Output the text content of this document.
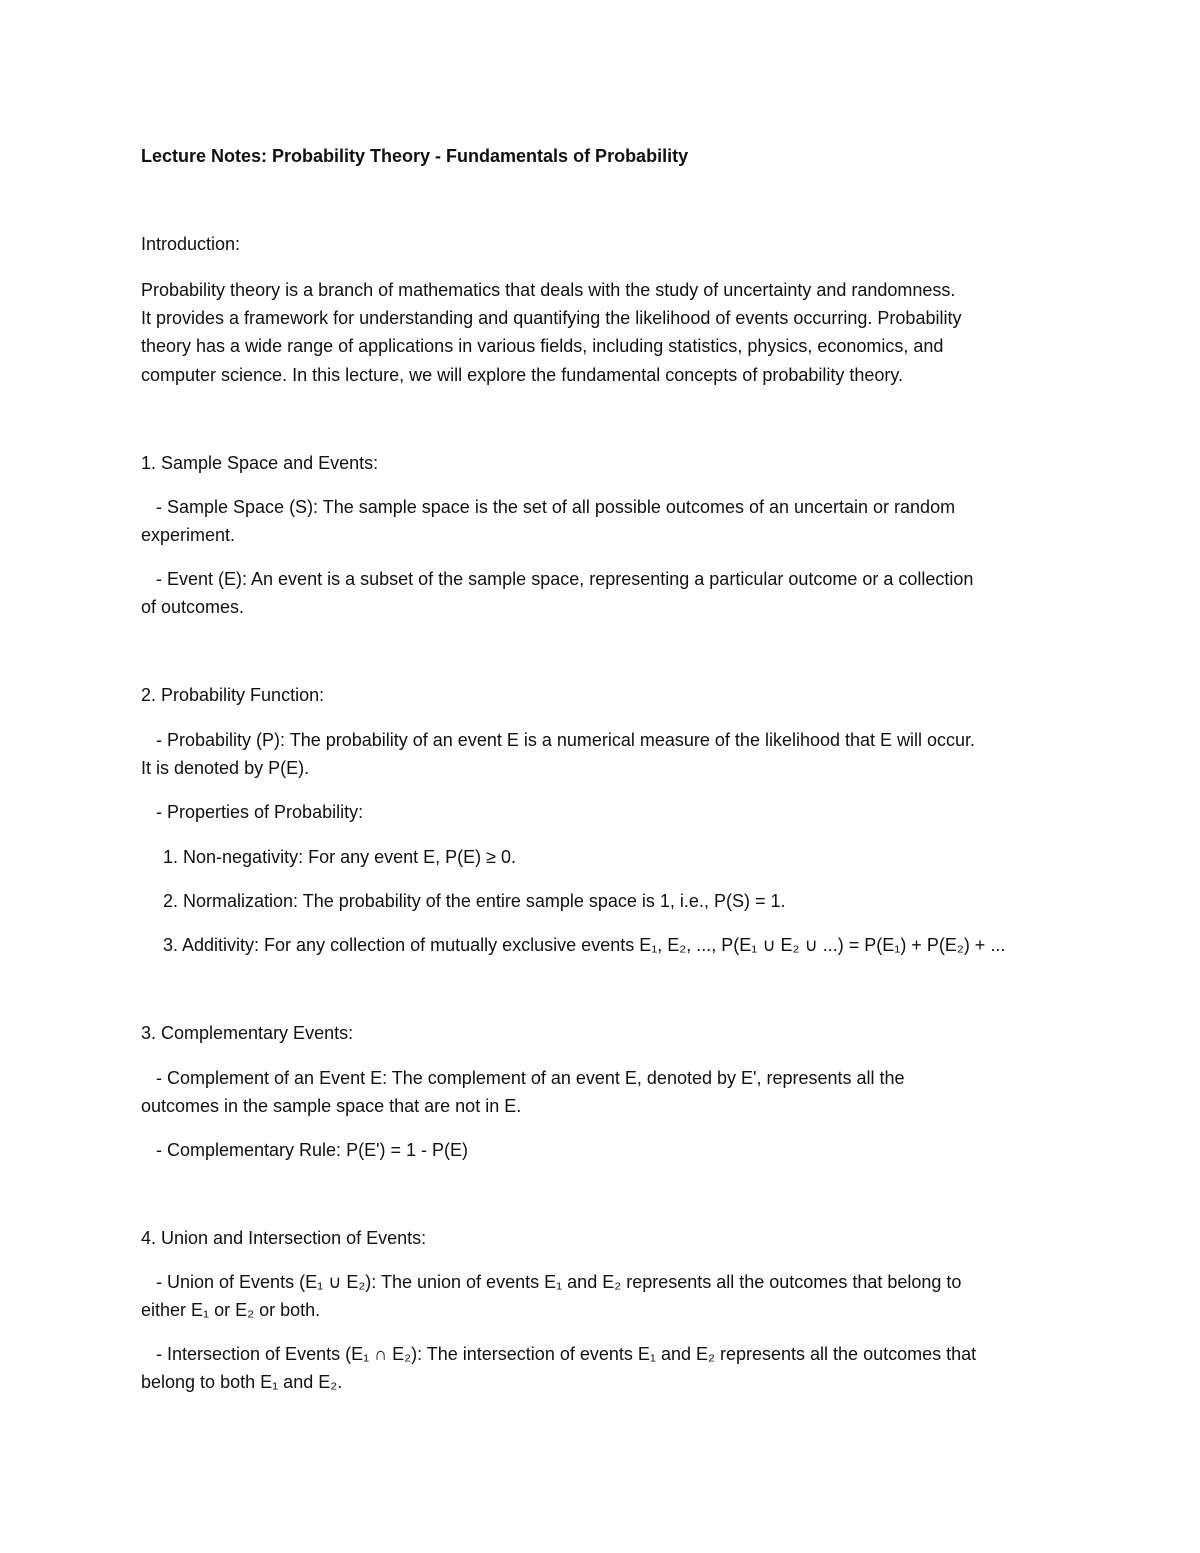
Lecture Notes: Probability Theory - Fundamentals of Probability
Introduction:
Probability theory is a branch of mathematics that deals with the study of uncertainty and randomness.
It provides a framework for understanding and quantifying the likelihood of events occurring. Probability
theory has a wide range of applications in various fields, including statistics, physics, economics, and
computer science. In this lecture, we will explore the fundamental concepts of probability theory.
1. Sample Space and Events:
- Sample Space (S): The sample space is the set of all possible outcomes of an uncertain or random
experiment.
- Event (E): An event is a subset of the sample space, representing a particular outcome or a collection
of outcomes.
2. Probability Function:
- Probability (P): The probability of an event E is a numerical measure of the likelihood that E will occur.
It is denoted by P(E).
- Properties of Probability:
1. Non-negativity: For any event E, P(E) ≥ 0.
2. Normalization: The probability of the entire sample space is 1, i.e., P(S) = 1.
3. Additivity: For any collection of mutually exclusive events E₁, E₂, ..., P(E₁ ∪ E₂ ∪ ...) = P(E₁) + P(E₂) + ...
3. Complementary Events:
- Complement of an Event E: The complement of an event E, denoted by E', represents all the
outcomes in the sample space that are not in E.
- Complementary Rule: P(E') = 1 - P(E)
4. Union and Intersection of Events:
- Union of Events (E₁ ∪ E₂): The union of events E₁ and E₂ represents all the outcomes that belong to
either E₁ or E₂ or both.
- Intersection of Events (E₁ ∩ E₂): The intersection of events E₁ and E₂ represents all the outcomes that
belong to both E₁ and E₂.
